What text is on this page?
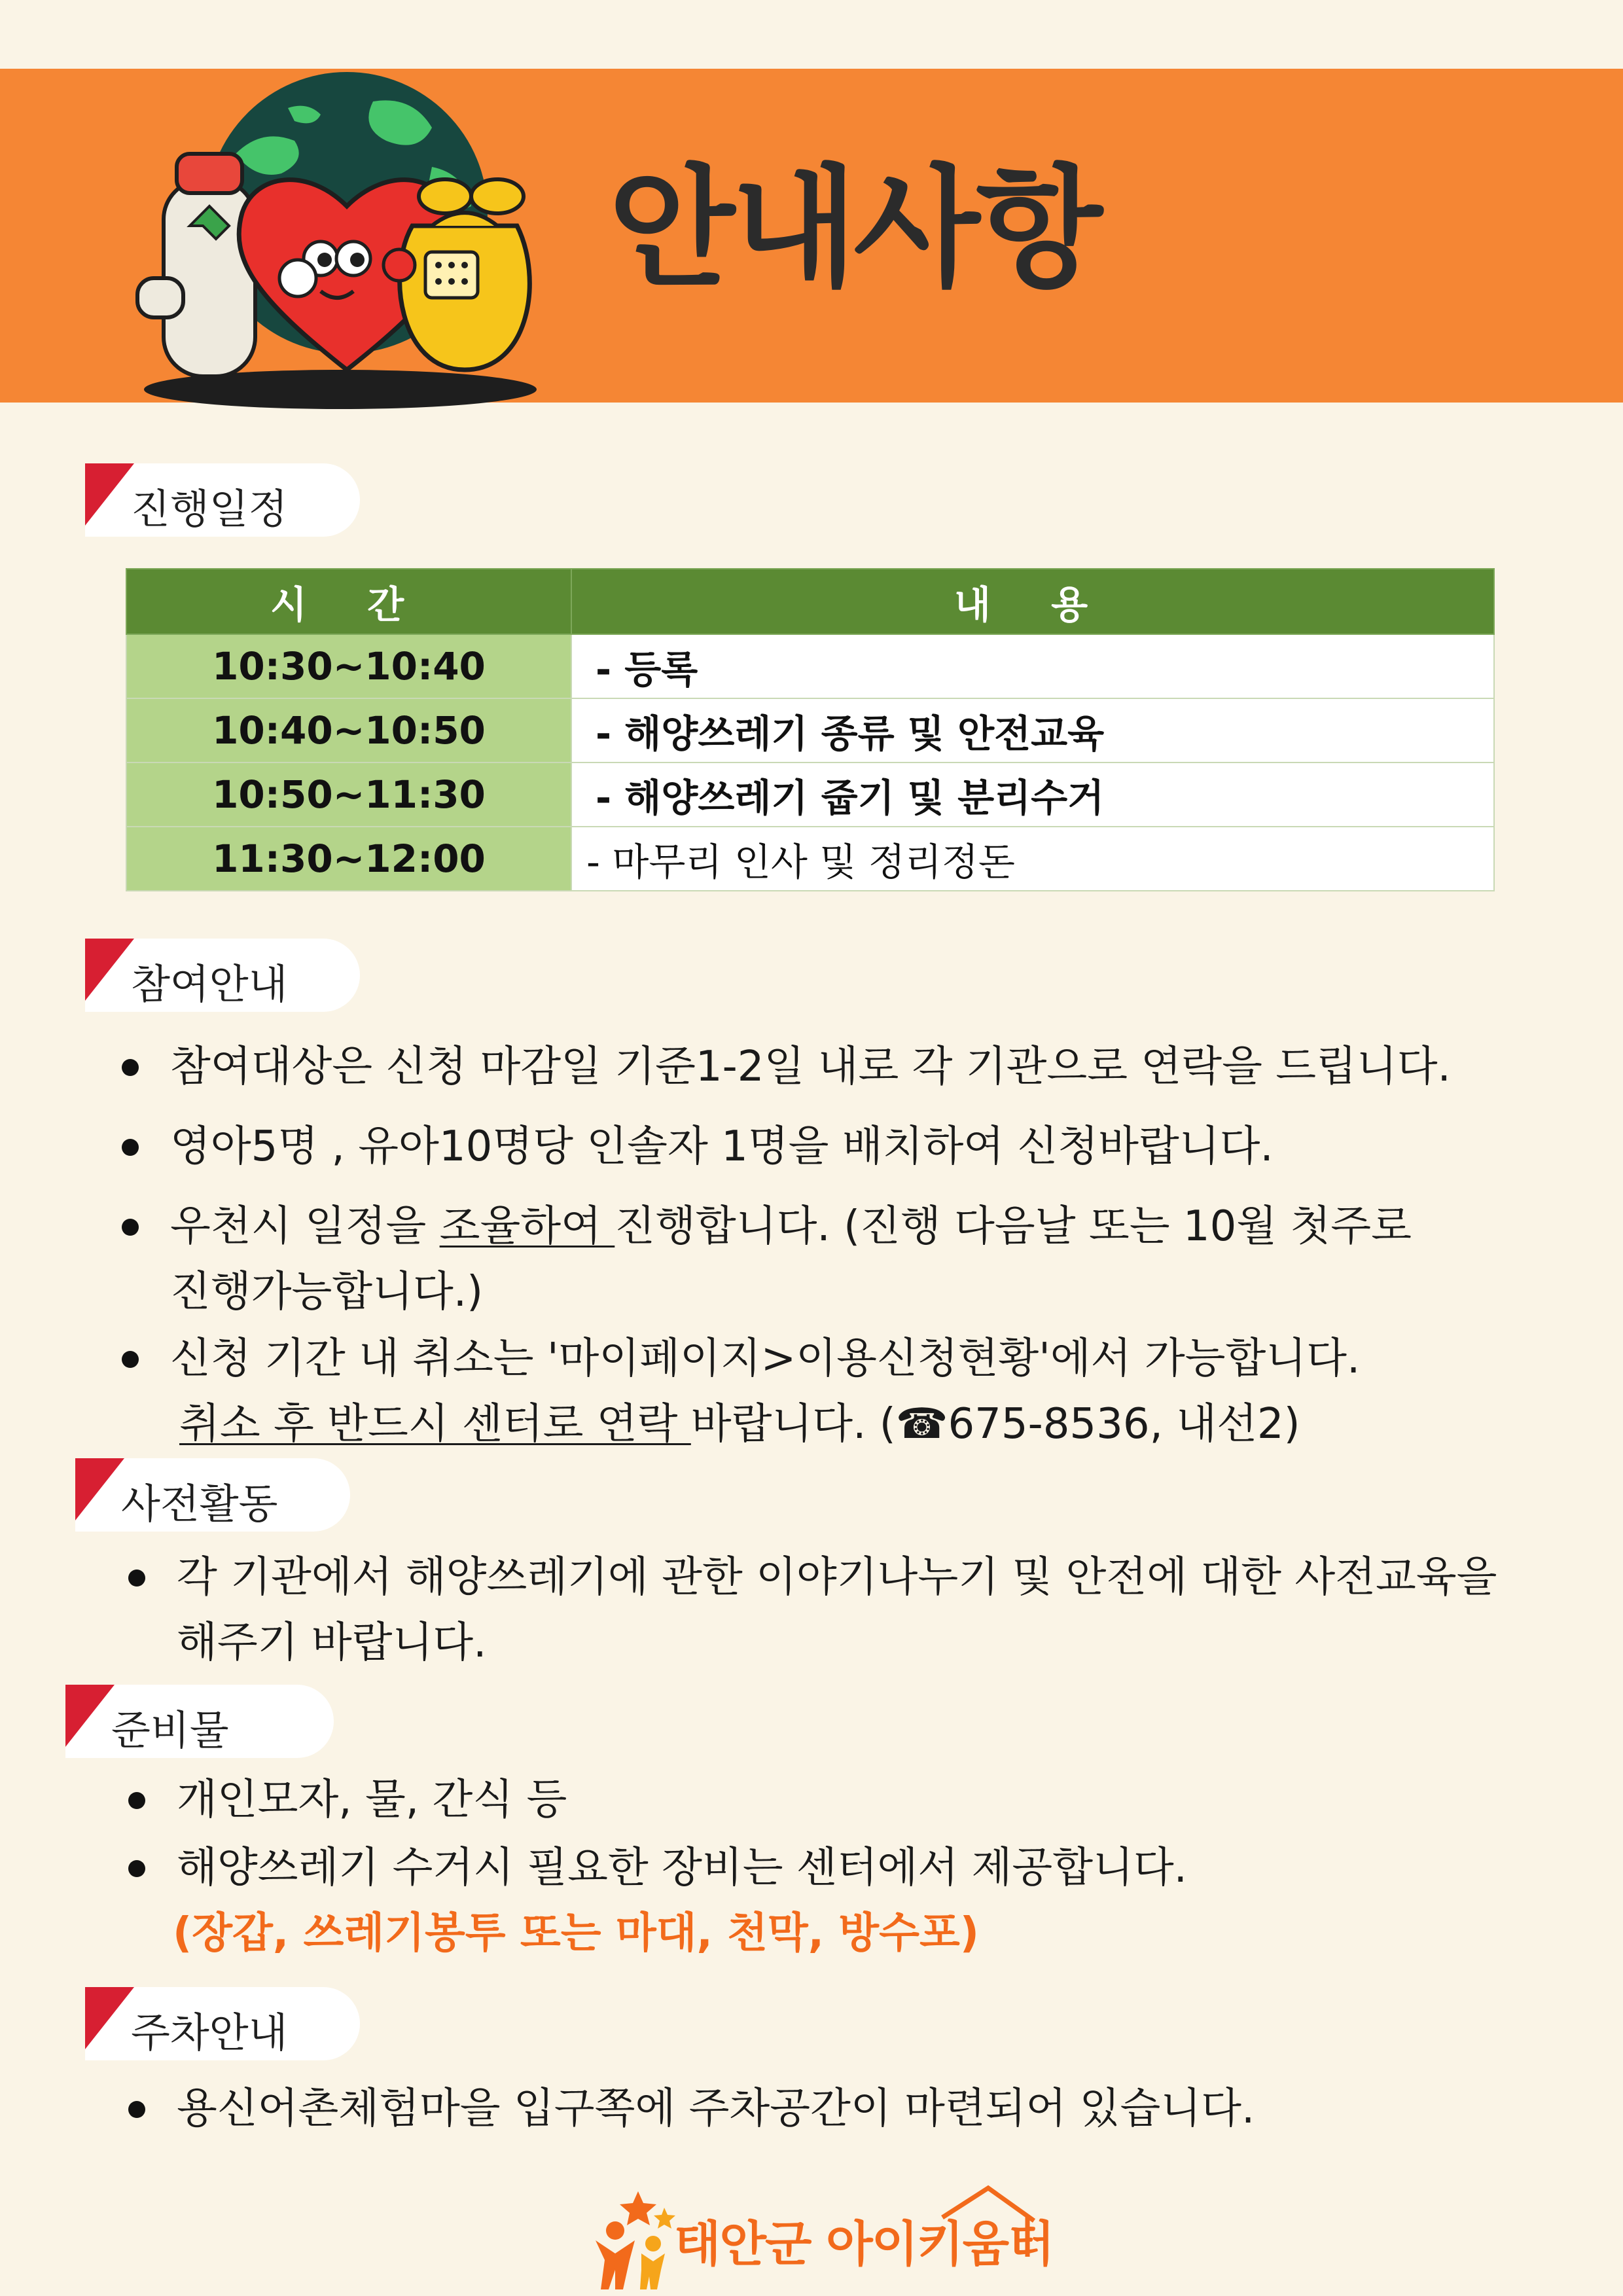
안내사항
진행일정
시 간	내 용
10:30~10:40	- 등록
10:40~10:50	- 해양쓰레기 종류 및 안전교육
10:50~11:30	- 해양쓰레기 줍기 및 분리수거
11:30~12:00	- 마무리 인사 및 정리정돈
참여안내
참여대상은 신청 마감일 기준1-2일 내로 각 기관으로 연락을 드립니다.
영아5명 , 유아10명당 인솔자 1명을 배치하여 신청바랍니다.
우천시 일정을 조율하여 진행합니다. (진행 다음날 또는 10월 첫주로
진행가능합니다.)
신청 기간 내 취소는 '마이페이지>이용신청현황'에서 가능합니다.
취소 후 반드시 센터로 연락 바랍니다. (☎675-8536, 내선2)
사전활동
각 기관에서 해양쓰레기에 관한 이야기나누기 및 안전에 대한 사전교육을
해주기 바랍니다.
준비물
개인모자, 물, 간식 등
해양쓰레기 수거시 필요한 장비는 센터에서 제공합니다.
(장갑, 쓰레기봉투 또는 마대, 천막, 방수포)
주차안내
용신어촌체험마을 입구쪽에 주차공간이 마련되어 있습니다.
태안군 아이키움터
